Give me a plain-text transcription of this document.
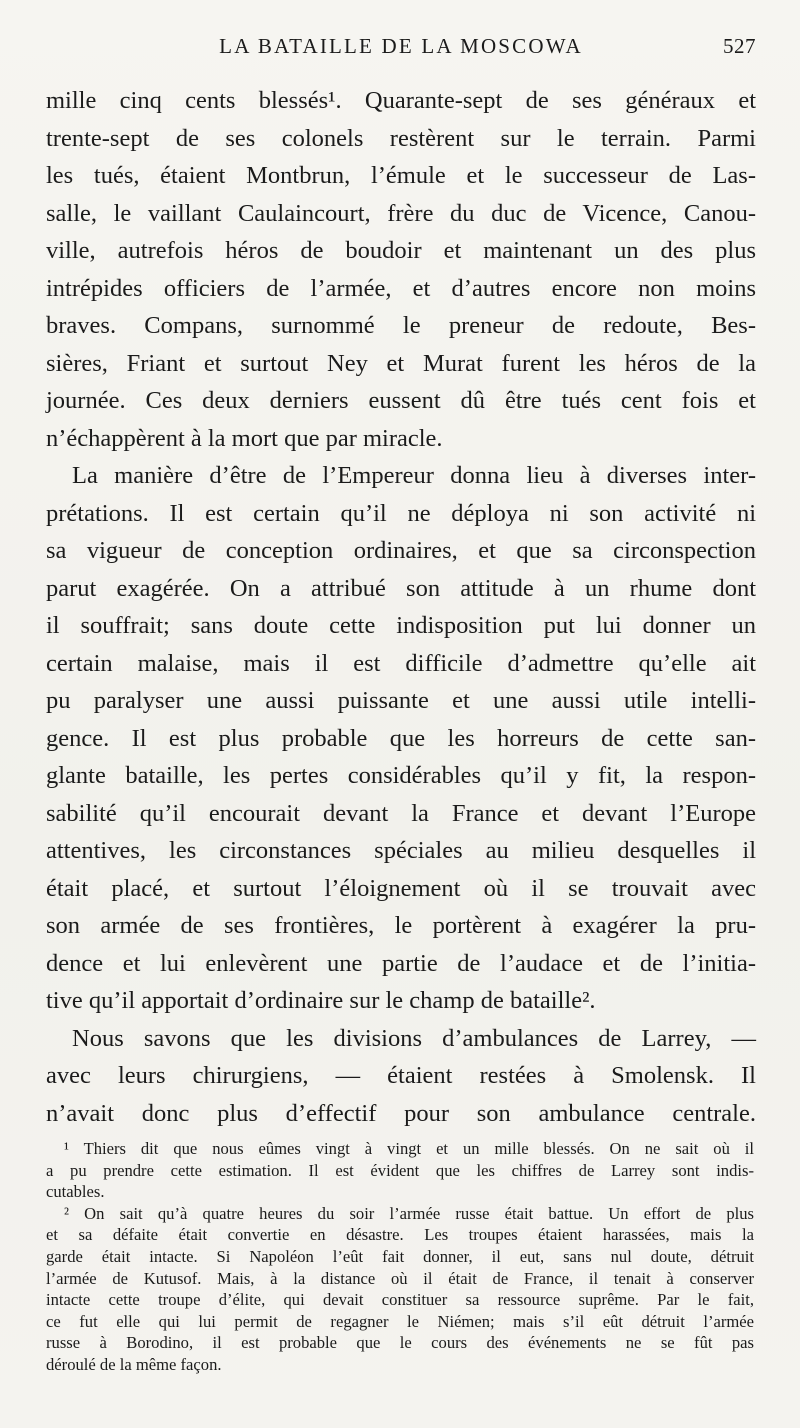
LA BATAILLE DE LA MOSCOWA	527
mille cinq cents blessés¹. Quarante-sept de ses généraux et
trente-sept de ses colonels restèrent sur le terrain. Parmi
les tués, étaient Montbrun, l’émule et le successeur de Las-
salle, le vaillant Caulaincourt, frère du duc de Vicence, Canou-
ville, autrefois héros de boudoir et maintenant un des plus
intrépides officiers de l’armée, et d’autres encore non moins
braves. Compans, surnommé le preneur de redoute, Bes-
sières, Friant et surtout Ney et Murat furent les héros de la
journée. Ces deux derniers eussent dû être tués cent fois et
n’échappèrent à la mort que par miracle.
La manière d’être de l’Empereur donna lieu à diverses inter-
prétations. Il est certain qu’il ne déploya ni son activité ni
sa vigueur de conception ordinaires, et que sa circonspection
parut exagérée. On a attribué son attitude à un rhume dont
il souffrait; sans doute cette indisposition put lui donner un
certain malaise, mais il est difficile d’admettre qu’elle ait
pu paralyser une aussi puissante et une aussi utile intelli-
gence. Il est plus probable que les horreurs de cette san-
glante bataille, les pertes considérables qu’il y fit, la respon-
sabilité qu’il encourait devant la France et devant l’Europe
attentives, les circonstances spéciales au milieu desquelles il
était placé, et surtout l’éloignement où il se trouvait avec
son armée de ses frontières, le portèrent à exagérer la pru-
dence et lui enlevèrent une partie de l’audace et de l’initia-
tive qu’il apportait d’ordinaire sur le champ de bataille².
Nous savons que les divisions d’ambulances de Larrey, —
avec leurs chirurgiens, — étaient restées à Smolensk. Il
n’avait donc plus d’effectif pour son ambulance centrale.
¹ Thiers dit que nous eûmes vingt à vingt et un mille blessés. On ne sait où il
a pu prendre cette estimation. Il est évident que les chiffres de Larrey sont indis-
cutables.
² On sait qu’à quatre heures du soir l’armée russe était battue. Un effort de plus
et sa défaite était convertie en désastre. Les troupes étaient harassées, mais la
garde était intacte. Si Napoléon l’eût fait donner, il eut, sans nul doute, détruit
l’armée de Kutusof. Mais, à la distance où il était de France, il tenait à conserver
intacte cette troupe d’élite, qui devait constituer sa ressource suprême. Par le fait,
ce fut elle qui lui permit de regagner le Niémen; mais s’il eût détruit l’armée
russe à Borodino, il est probable que le cours des événements ne se fût pas
déroulé de la même façon.
